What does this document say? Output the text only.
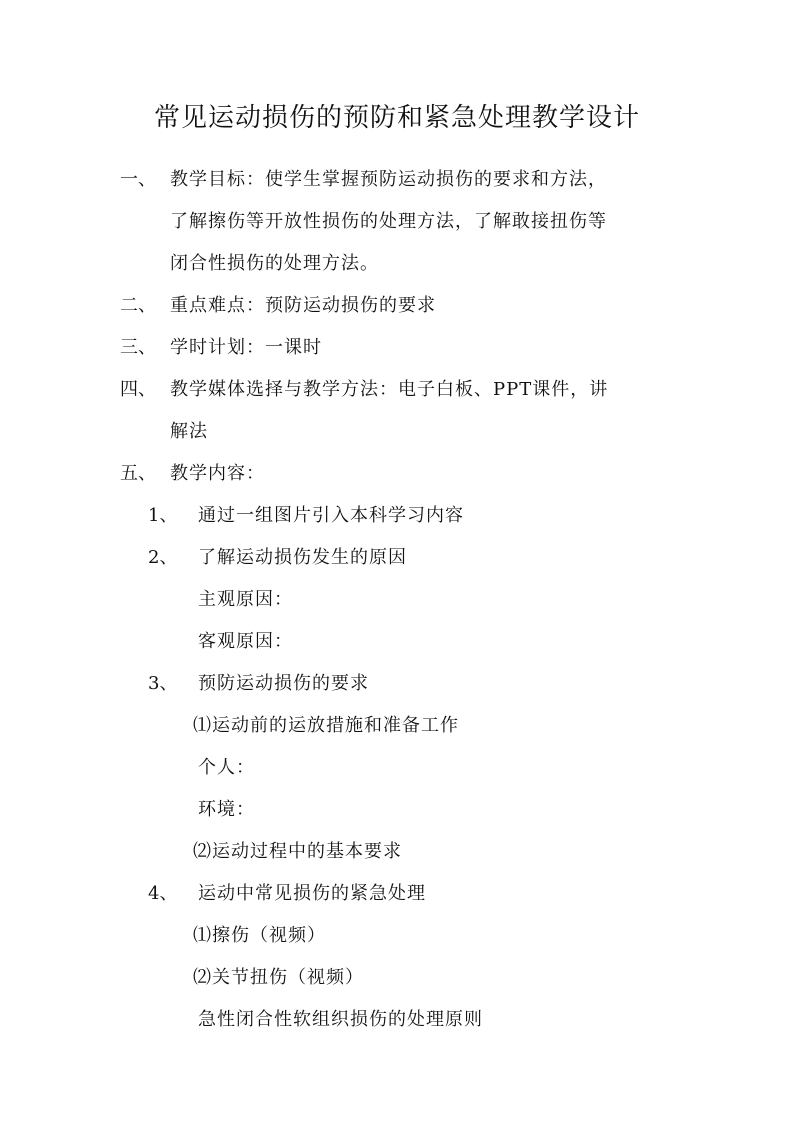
常见运动损伤的预防和紧急处理教学设计
一、 教学目标：使学生掌握预防运动损伤的要求和方法，
了解擦伤等开放性损伤的处理方法，了解敢接扭伤等
闭合性损伤的处理方法。
二、 重点难点：预防运动损伤的要求
三、 学时计划：一课时
四、 教学媒体选择与教学方法：电子白板、PPT课件，讲
解法
五、 教学内容：
1、 通过一组图片引入本科学习内容
2、 了解运动损伤发生的原因
主观原因：
客观原因：
3、 预防运动损伤的要求
⑴运动前的运放措施和准备工作
个人：
环境：
⑵运动过程中的基本要求
4、 运动中常见损伤的紧急处理
⑴擦伤（视频）
⑵关节扭伤（视频）
急性闭合性软组织损伤的处理原则
